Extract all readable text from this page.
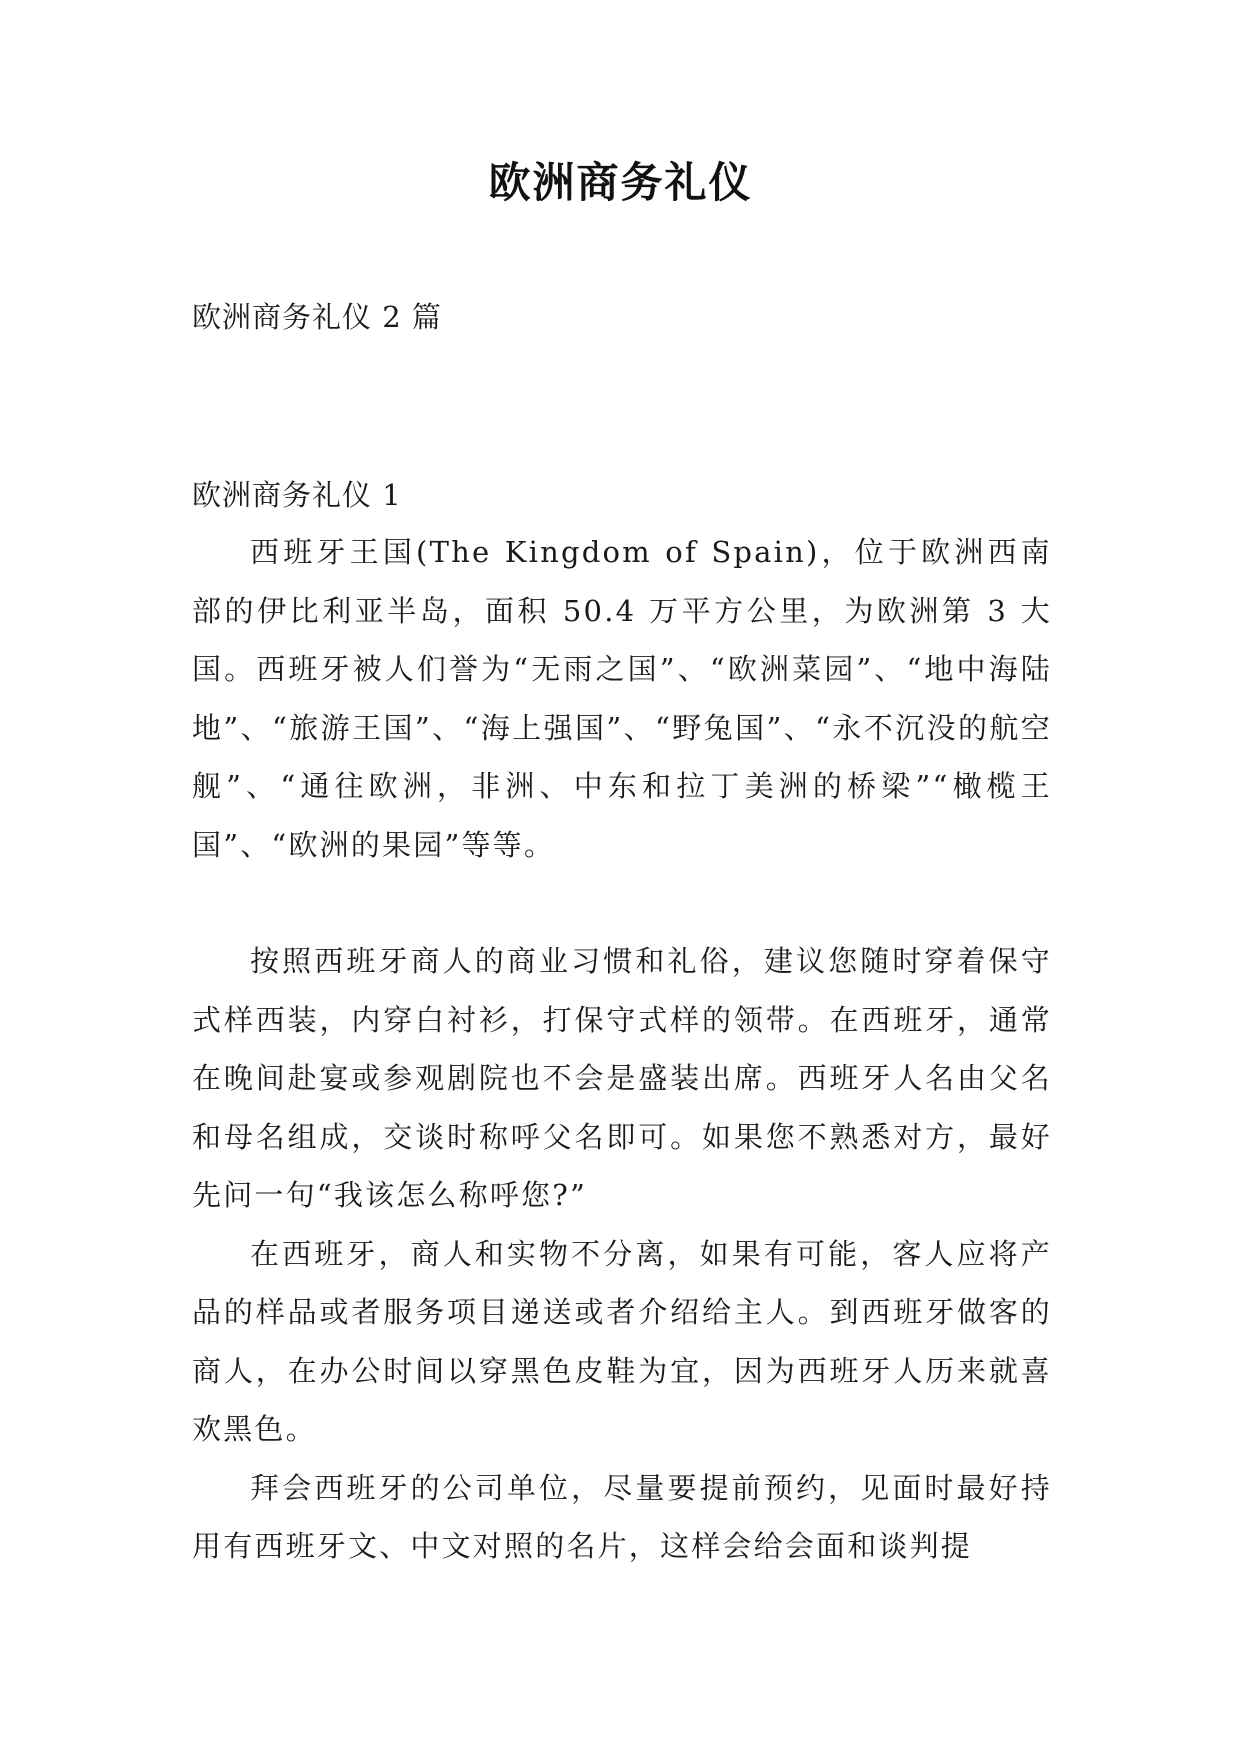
欧洲商务礼仪
欧洲商务礼仪 2 篇
欧洲商务礼仪 1

西班牙王国(The Kingdom of Spain)，位于欧洲西南部的伊比利亚半岛，面积 50.4 万平方公里，为欧洲第 3 大国。西班牙被人们誉为“无雨之国”、“欧洲菜园”、“地中海陆地”、“旅游王国”、“海上强国”、“野兔国”、“永不沉没的航空舰”、“通往欧洲，非洲、中东和拉丁美洲的桥梁”“橄榄王国”、“欧洲的果园”等等。

按照西班牙商人的商业习惯和礼俗，建议您随时穿着保守式样西装，内穿白衬衫，打保守式样的领带。在西班牙，通常在晚间赴宴或参观剧院也不会是盛装出席。西班牙人名由父名和母名组成，交谈时称呼父名即可。如果您不熟悉对方，最好先问一句“我该怎么称呼您?”

在西班牙，商人和实物不分离，如果有可能，客人应将产品的样品或者服务项目递送或者介绍给主人。到西班牙做客的商人，在办公时间以穿黑色皮鞋为宜，因为西班牙人历来就喜欢黑色。

拜会西班牙的公司单位，尽量要提前预约，见面时最好持用有西班牙文、中文对照的名片，这样会给会面和谈判提
